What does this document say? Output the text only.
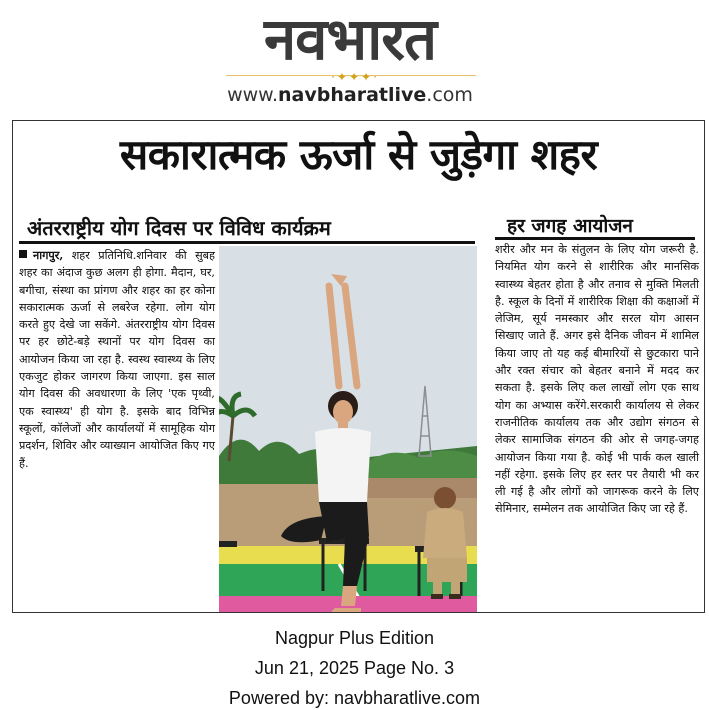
नवभारत
·✦✦✦·
www.navbharatlive.com
सकारात्मक ऊर्जा से जुड़ेगा शहर
अंतरराष्ट्रीय योग दिवस पर विविध कार्यक्रम	हर जगह आयोजन
नागपुर, शहर प्रतिनिधि.शनिवार की सुबह शहर का अंदाज कुछ अलग ही होगा. मैदान, घर, बगीचा, संस्था का प्रांगण और शहर का हर कोना सकारात्मक ऊर्जा से लबरेज रहेगा. लोग योग करते हुए देखे जा सकेंगे. अंतरराष्ट्रीय योग दिवस पर हर छोटे-बड़े स्थानों पर योग दिवस का आयोजन किया जा रहा है. स्वस्थ स्वास्थ्य के लिए एकजुट होकर जागरण किया जाएगा. इस साल योग दिवस की अवधारणा के लिए 'एक पृथ्वी, एक स्वास्थ्य' ही योग है. इसके बाद विभिन्न स्कूलों, कॉलेजों और कार्यालयों में सामूहिक योग प्रदर्शन, शिविर और व्याख्यान आयोजित किए गए हैं.
शरीर और मन के संतुलन के लिए योग जरूरी है. नियमित योग करने से शारीरिक और मानसिक स्वास्थ्य बेहतर होता है और तनाव से मुक्ति मिलती है. स्कूल के दिनों में शारीरिक शिक्षा की कक्षाओं में लेजिम, सूर्य नमस्कार और सरल योग आसन सिखाए जाते हैं. अगर इसे दैनिक जीवन में शामिल किया जाए तो यह कई बीमारियों से छुटकारा पाने और रक्त संचार को बेहतर बनाने में मदद कर सकता है. इसके लिए कल लाखों लोग एक साथ योग का अभ्यास करेंगे.सरकारी कार्यालय से लेकर राजनीतिक कार्यालय तक और उद्योग संगठन से लेकर सामाजिक संगठन की ओर से जगह-जगह आयोजन किया गया है. कोई भी पार्क कल खाली नहीं रहेगा. इसके लिए हर स्तर पर तैयारी भी कर ली गई है और लोगों को जागरूक करने के लिए सेमिनार, सम्मेलन तक आयोजित किए जा रहे हैं.
Nagpur Plus Edition
Jun 21, 2025 Page No. 3
Powered by: navbharatlive.com
